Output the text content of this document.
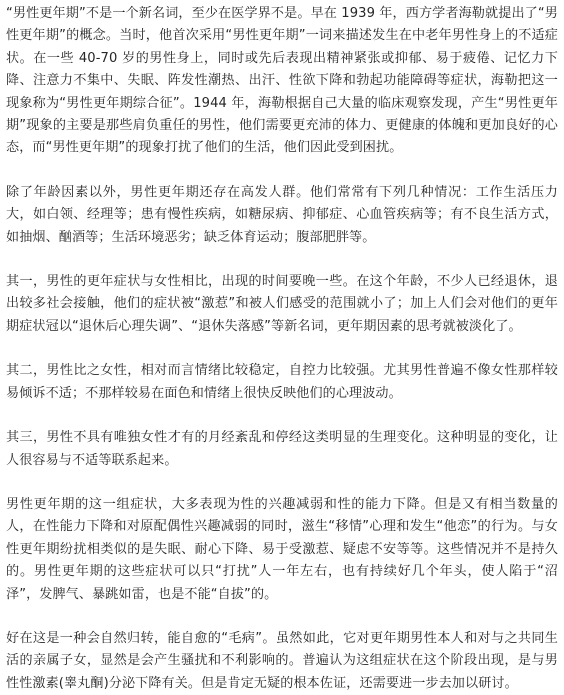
“男性更年期”不是一个新名词，至少在医学界不是。早在 1939 年，西方学者海勒就提出了“男性更年期”的概念。当时，他首次采用“男性更年期”一词来描述发生在中老年男性身上的不适症状。在一些 40-70 岁的男性身上，同时或先后表现出精神紧张或抑郁、易于疲倦、记忆力下降、注意力不集中、失眠、阵发性潮热、出汗、性欲下降和勃起功能障碍等症状，海勒把这一现象称为“男性更年期综合征”。1944 年，海勒根据自己大量的临床观察发现，产生“男性更年期”现象的主要是那些肩负重任的男性，他们需要更充沛的体力、更健康的体魄和更加良好的心态，而“男性更年期”的现象打扰了他们的生活，他们因此受到困扰。

除了年龄因素以外，男性更年期还存在高发人群。他们常常有下列几种情况：工作生活压力大，如白领、经理等；患有慢性疾病，如糖尿病、抑郁症、心血管疾病等；有不良生活方式，如抽烟、酗酒等；生活环境恶劣；缺乏体育运动；腹部肥胖等。

其一，男性的更年症状与女性相比，出现的时间要晚一些。在这个年龄，不少人已经退休，退出较多社会接触，他们的症状被“激惹”和被人们感受的范围就小了；加上人们会对他们的更年期症状冠以“退休后心理失调”、“退休失落感”等新名词，更年期因素的思考就被淡化了。

其二，男性比之女性，相对而言情绪比较稳定，自控力比较强。尤其男性普遍不像女性那样较易倾诉不适；不那样较易在面色和情绪上很快反映他们的心理波动。

其三，男性不具有唯独女性才有的月经紊乱和停经这类明显的生理变化。这种明显的变化，让人很容易与不适等联系起来。

男性更年期的这一组症状，大多表现为性的兴趣减弱和性的能力下降。但是又有相当数量的人，在性能力下降和对原配偶性兴趣减弱的同时，滋生“移情”心理和发生“他恋”的行为。与女性更年期纷扰相类似的是失眠、耐心下降、易于受激惹、疑虑不安等等。这些情况并不是持久的。男性更年期的这些症状可以只“打扰”人一年左右，也有持续好几个年头，使人陷于“沼泽”，发脾气、暴跳如雷，也是不能“自拔”的。

好在这是一种会自然归转，能自愈的“毛病”。虽然如此，它对更年期男性本人和对与之共同生活的亲属子女，显然是会产生骚扰和不利影响的。普遍认为这组症状在这个阶段出现，是与男性性激素(睾丸酮)分泌下降有关。但是肯定无疑的根本佐证，还需要进一步去加以研讨。
